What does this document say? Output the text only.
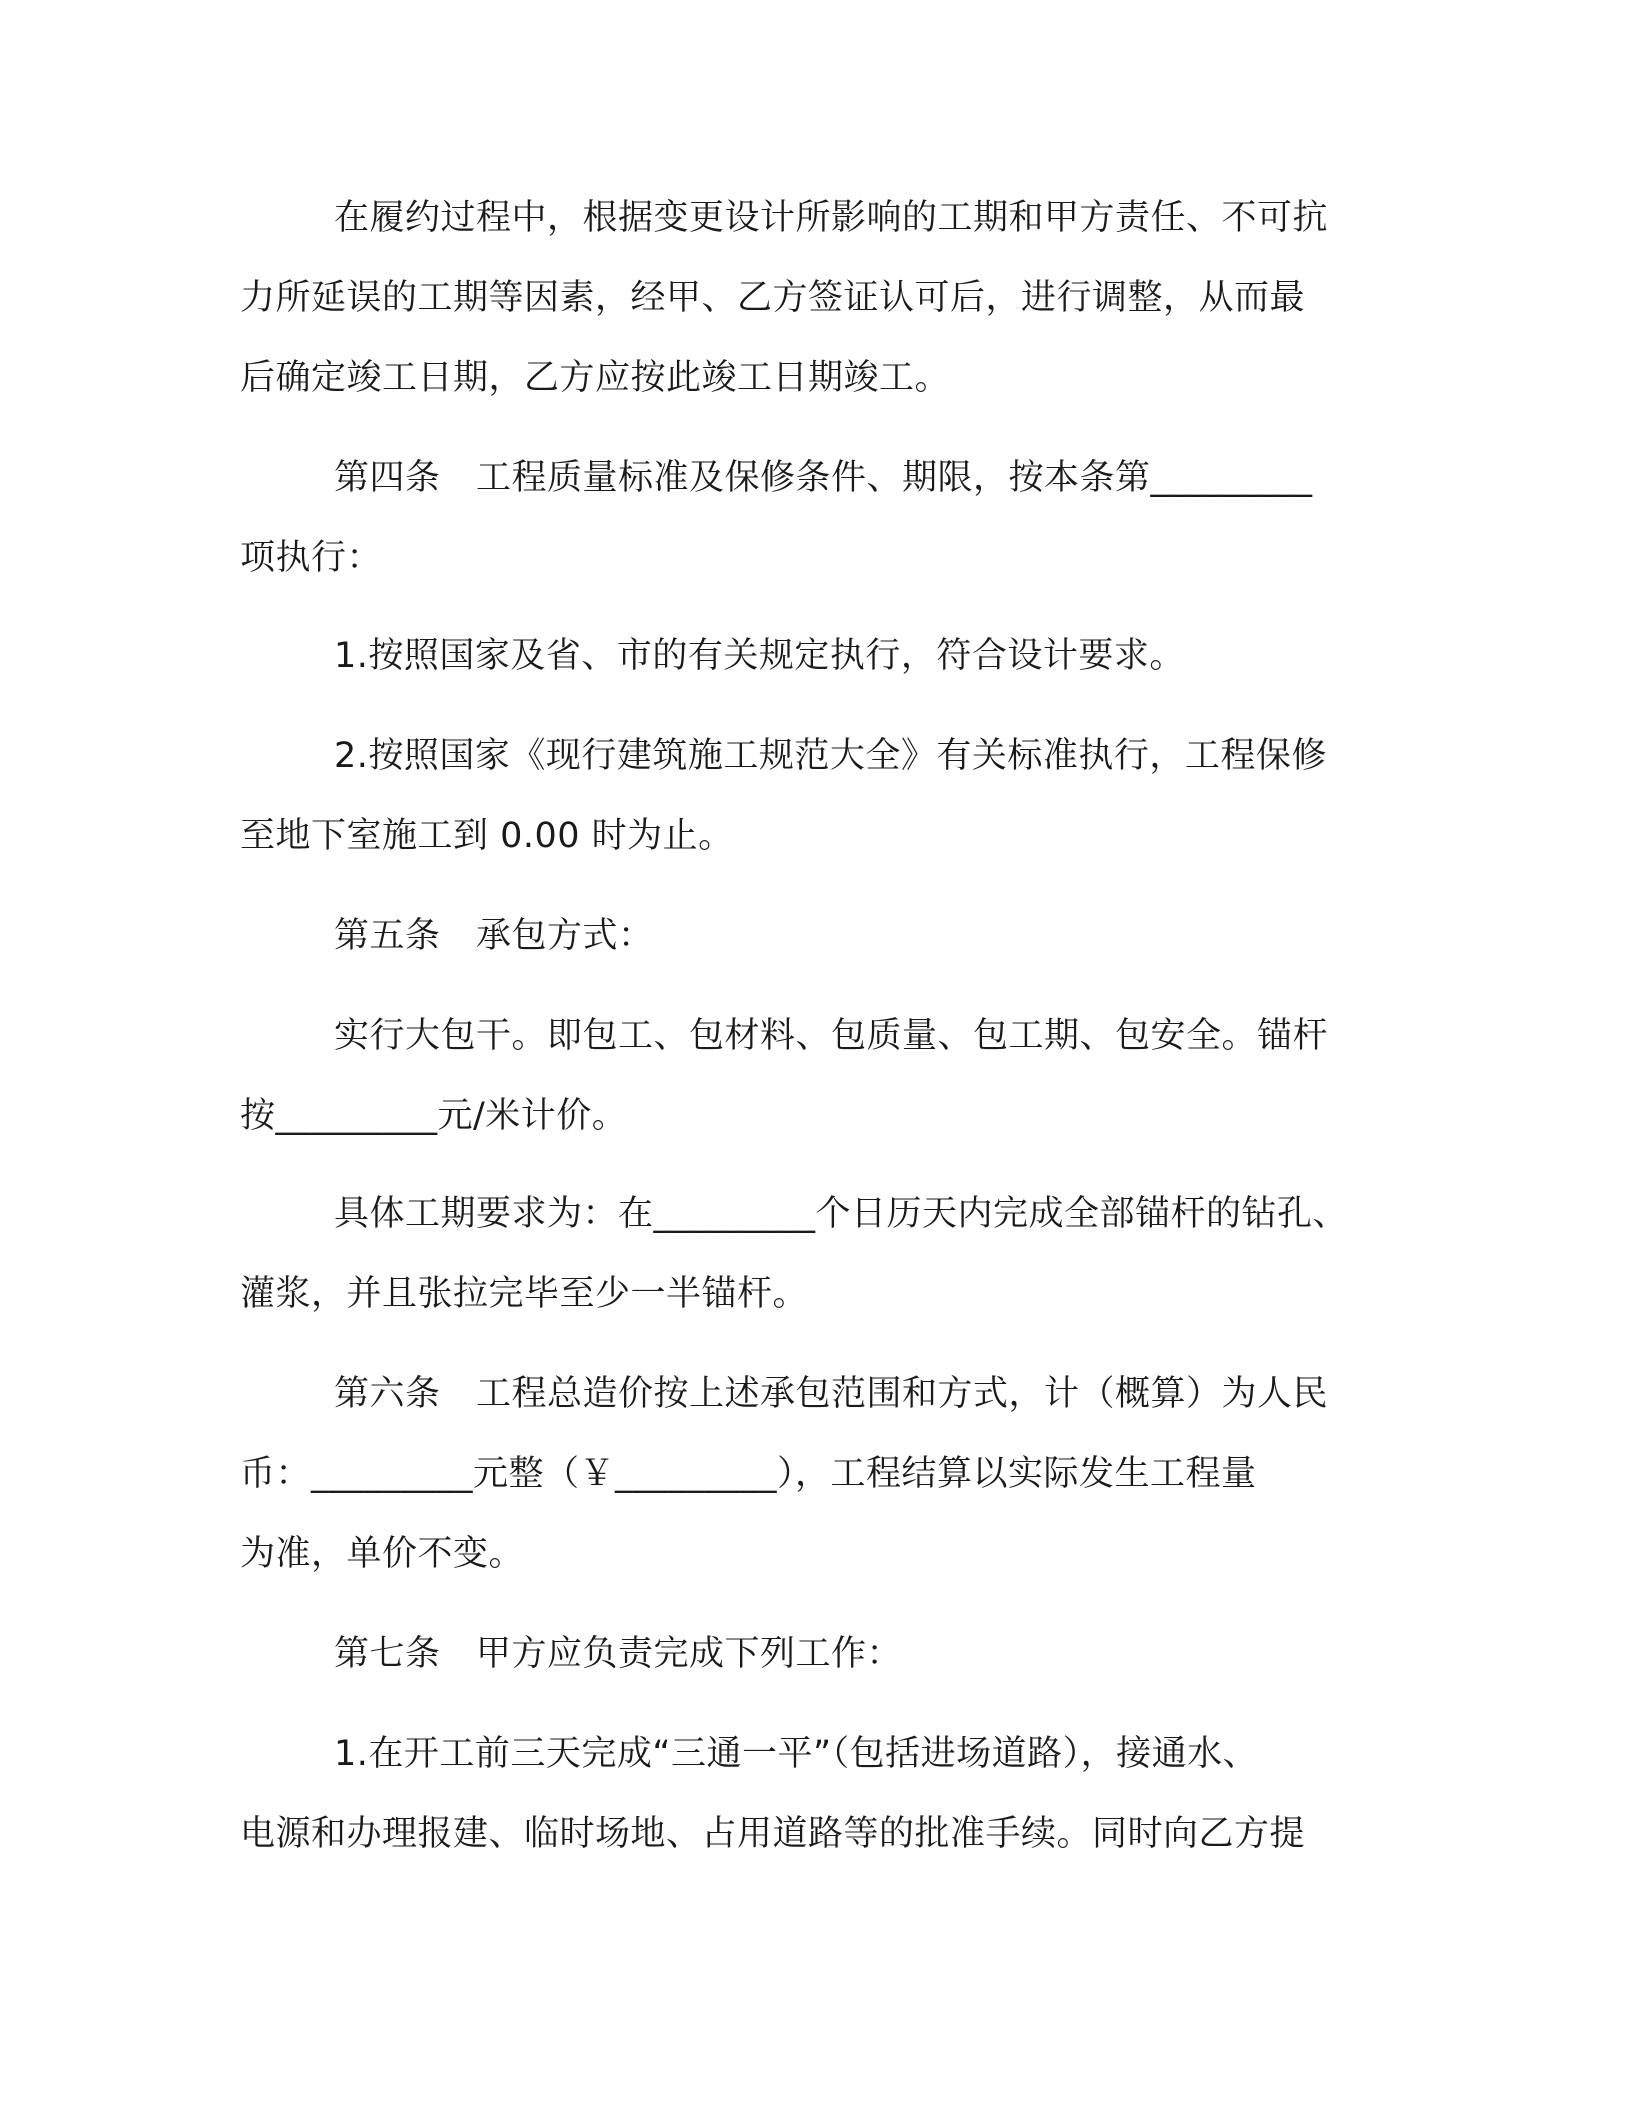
在履约过程中，根据变更设计所影响的工期和甲方责任、不可抗
力所延误的工期等因素，经甲、乙方签证认可后，进行调整，从而最
后确定竣工日期，乙方应按此竣工日期竣工。
第四条　工程质量标准及保修条件、期限，按本条第_________
项执行：
1.按照国家及省、市的有关规定执行，符合设计要求。
2.按照国家《现行建筑施工规范大全》有关标准执行，工程保修
至地下室施工到 0.00 时为止。
第五条　承包方式：
实行大包干。即包工、包材料、包质量、包工期、包安全。锚杆
按_________元/米计价。
具体工期要求为：在_________个日历天内完成全部锚杆的钻孔、
灌浆，并且张拉完毕至少一半锚杆。
第六条　工程总造价按上述承包范围和方式，计（概算）为人民
币：_________元整（￥_________），工程结算以实际发生工程量
为准，单价不变。
第七条　甲方应负责完成下列工作：
1.在开工前三天完成“三通一平”（包括进场道路），接通水、
电源和办理报建、临时场地、占用道路等的批准手续。同时向乙方提
